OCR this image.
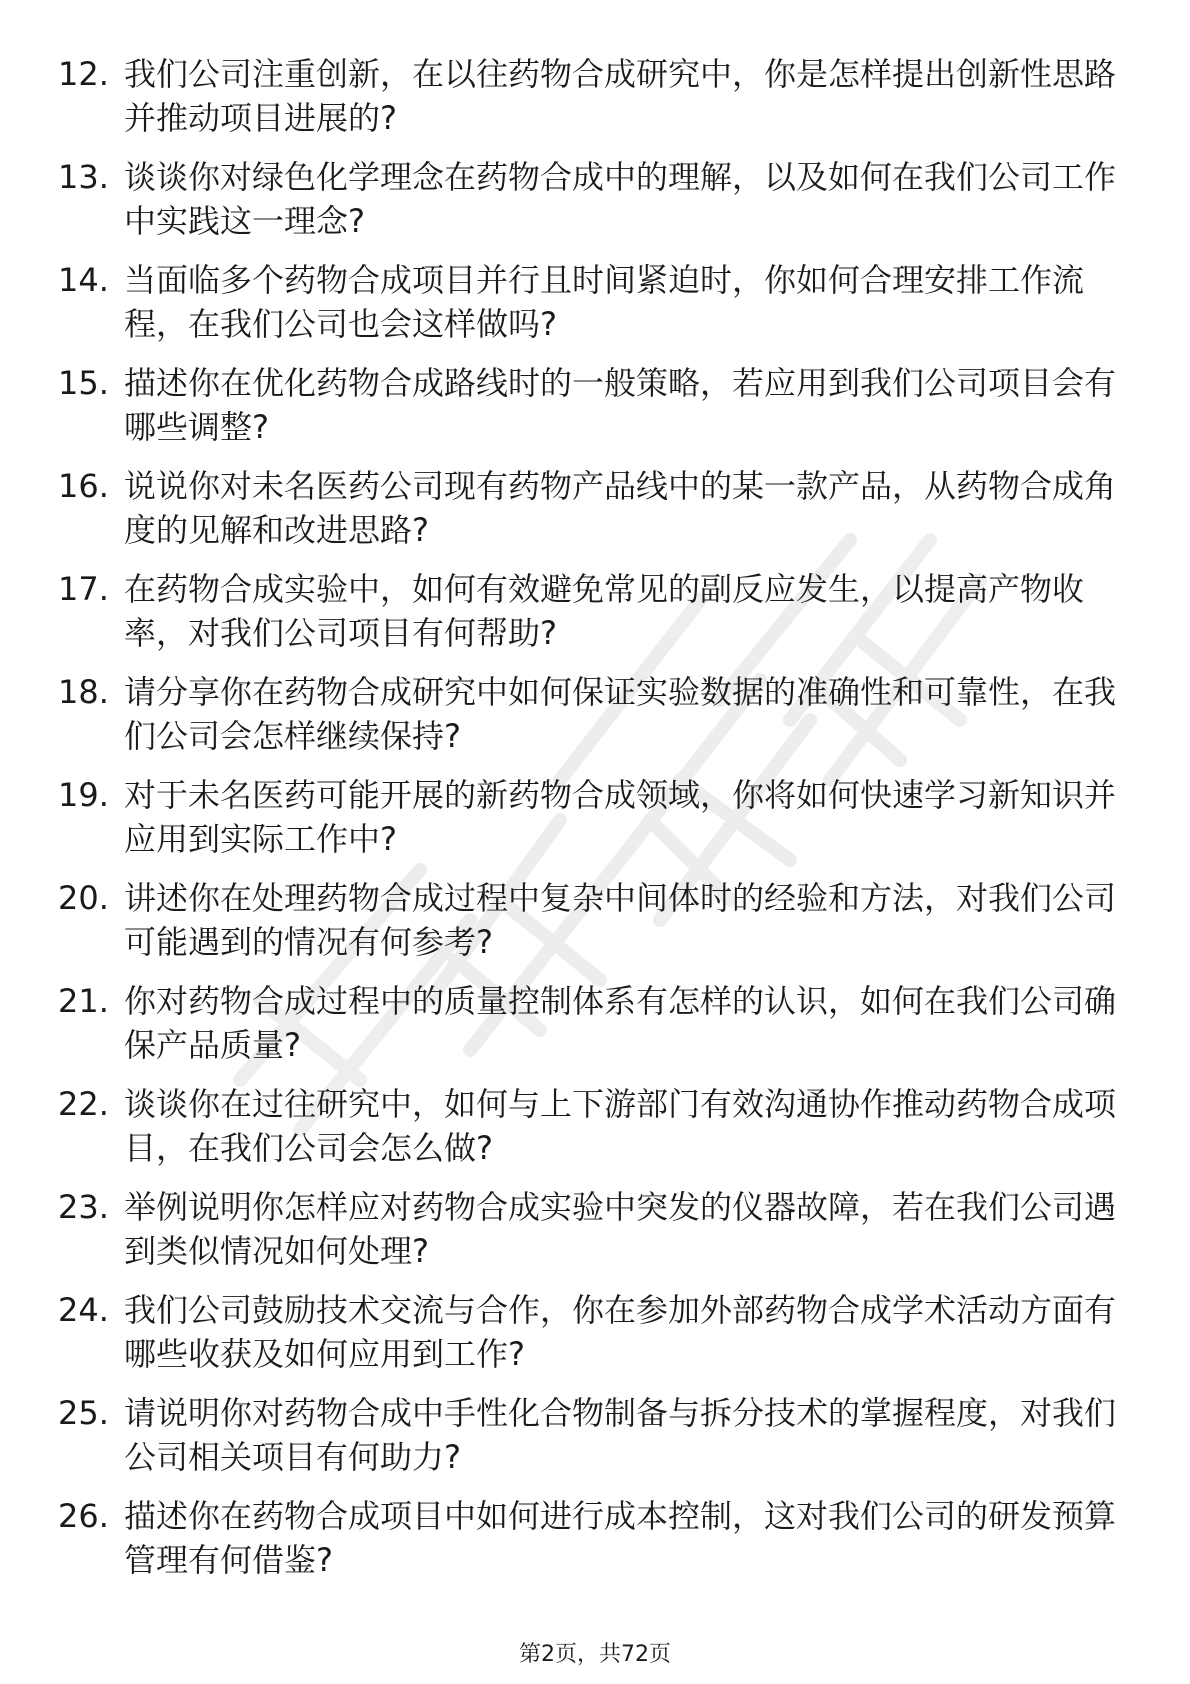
12. 我们公司注重创新，在以往药物合成研究中，你是怎样提出创新性思路并推动项目进展的?
13. 谈谈你对绿色化学理念在药物合成中的理解，以及如何在我们公司工作中实践这一理念?
14. 当面临多个药物合成项目并行且时间紧迫时，你如何合理安排工作流程，在我们公司也会这样做吗?
15. 描述你在优化药物合成路线时的一般策略，若应用到我们公司项目会有哪些调整?
16. 说说你对未名医药公司现有药物产品线中的某一款产品，从药物合成角度的见解和改进思路?
17. 在药物合成实验中，如何有效避免常见的副反应发生，以提高产物收率，对我们公司项目有何帮助?
18. 请分享你在药物合成研究中如何保证实验数据的准确性和可靠性，在我们公司会怎样继续保持?
19. 对于未名医药可能开展的新药物合成领域，你将如何快速学习新知识并应用到实际工作中?
20. 讲述你在处理药物合成过程中复杂中间体时的经验和方法，对我们公司可能遇到的情况有何参考?
21. 你对药物合成过程中的质量控制体系有怎样的认识，如何在我们公司确保产品质量?
22. 谈谈你在过往研究中，如何与上下游部门有效沟通协作推动药物合成项目，在我们公司会怎么做?
23. 举例说明你怎样应对药物合成实验中突发的仪器故障，若在我们公司遇到类似情况如何处理?
24. 我们公司鼓励技术交流与合作，你在参加外部药物合成学术活动方面有哪些收获及如何应用到工作?
25. 请说明你对药物合成中手性化合物制备与拆分技术的掌握程度，对我们公司相关项目有何助力?
26. 描述你在药物合成项目中如何进行成本控制，这对我们公司的研发预算管理有何借鉴?
第2页，共72页
